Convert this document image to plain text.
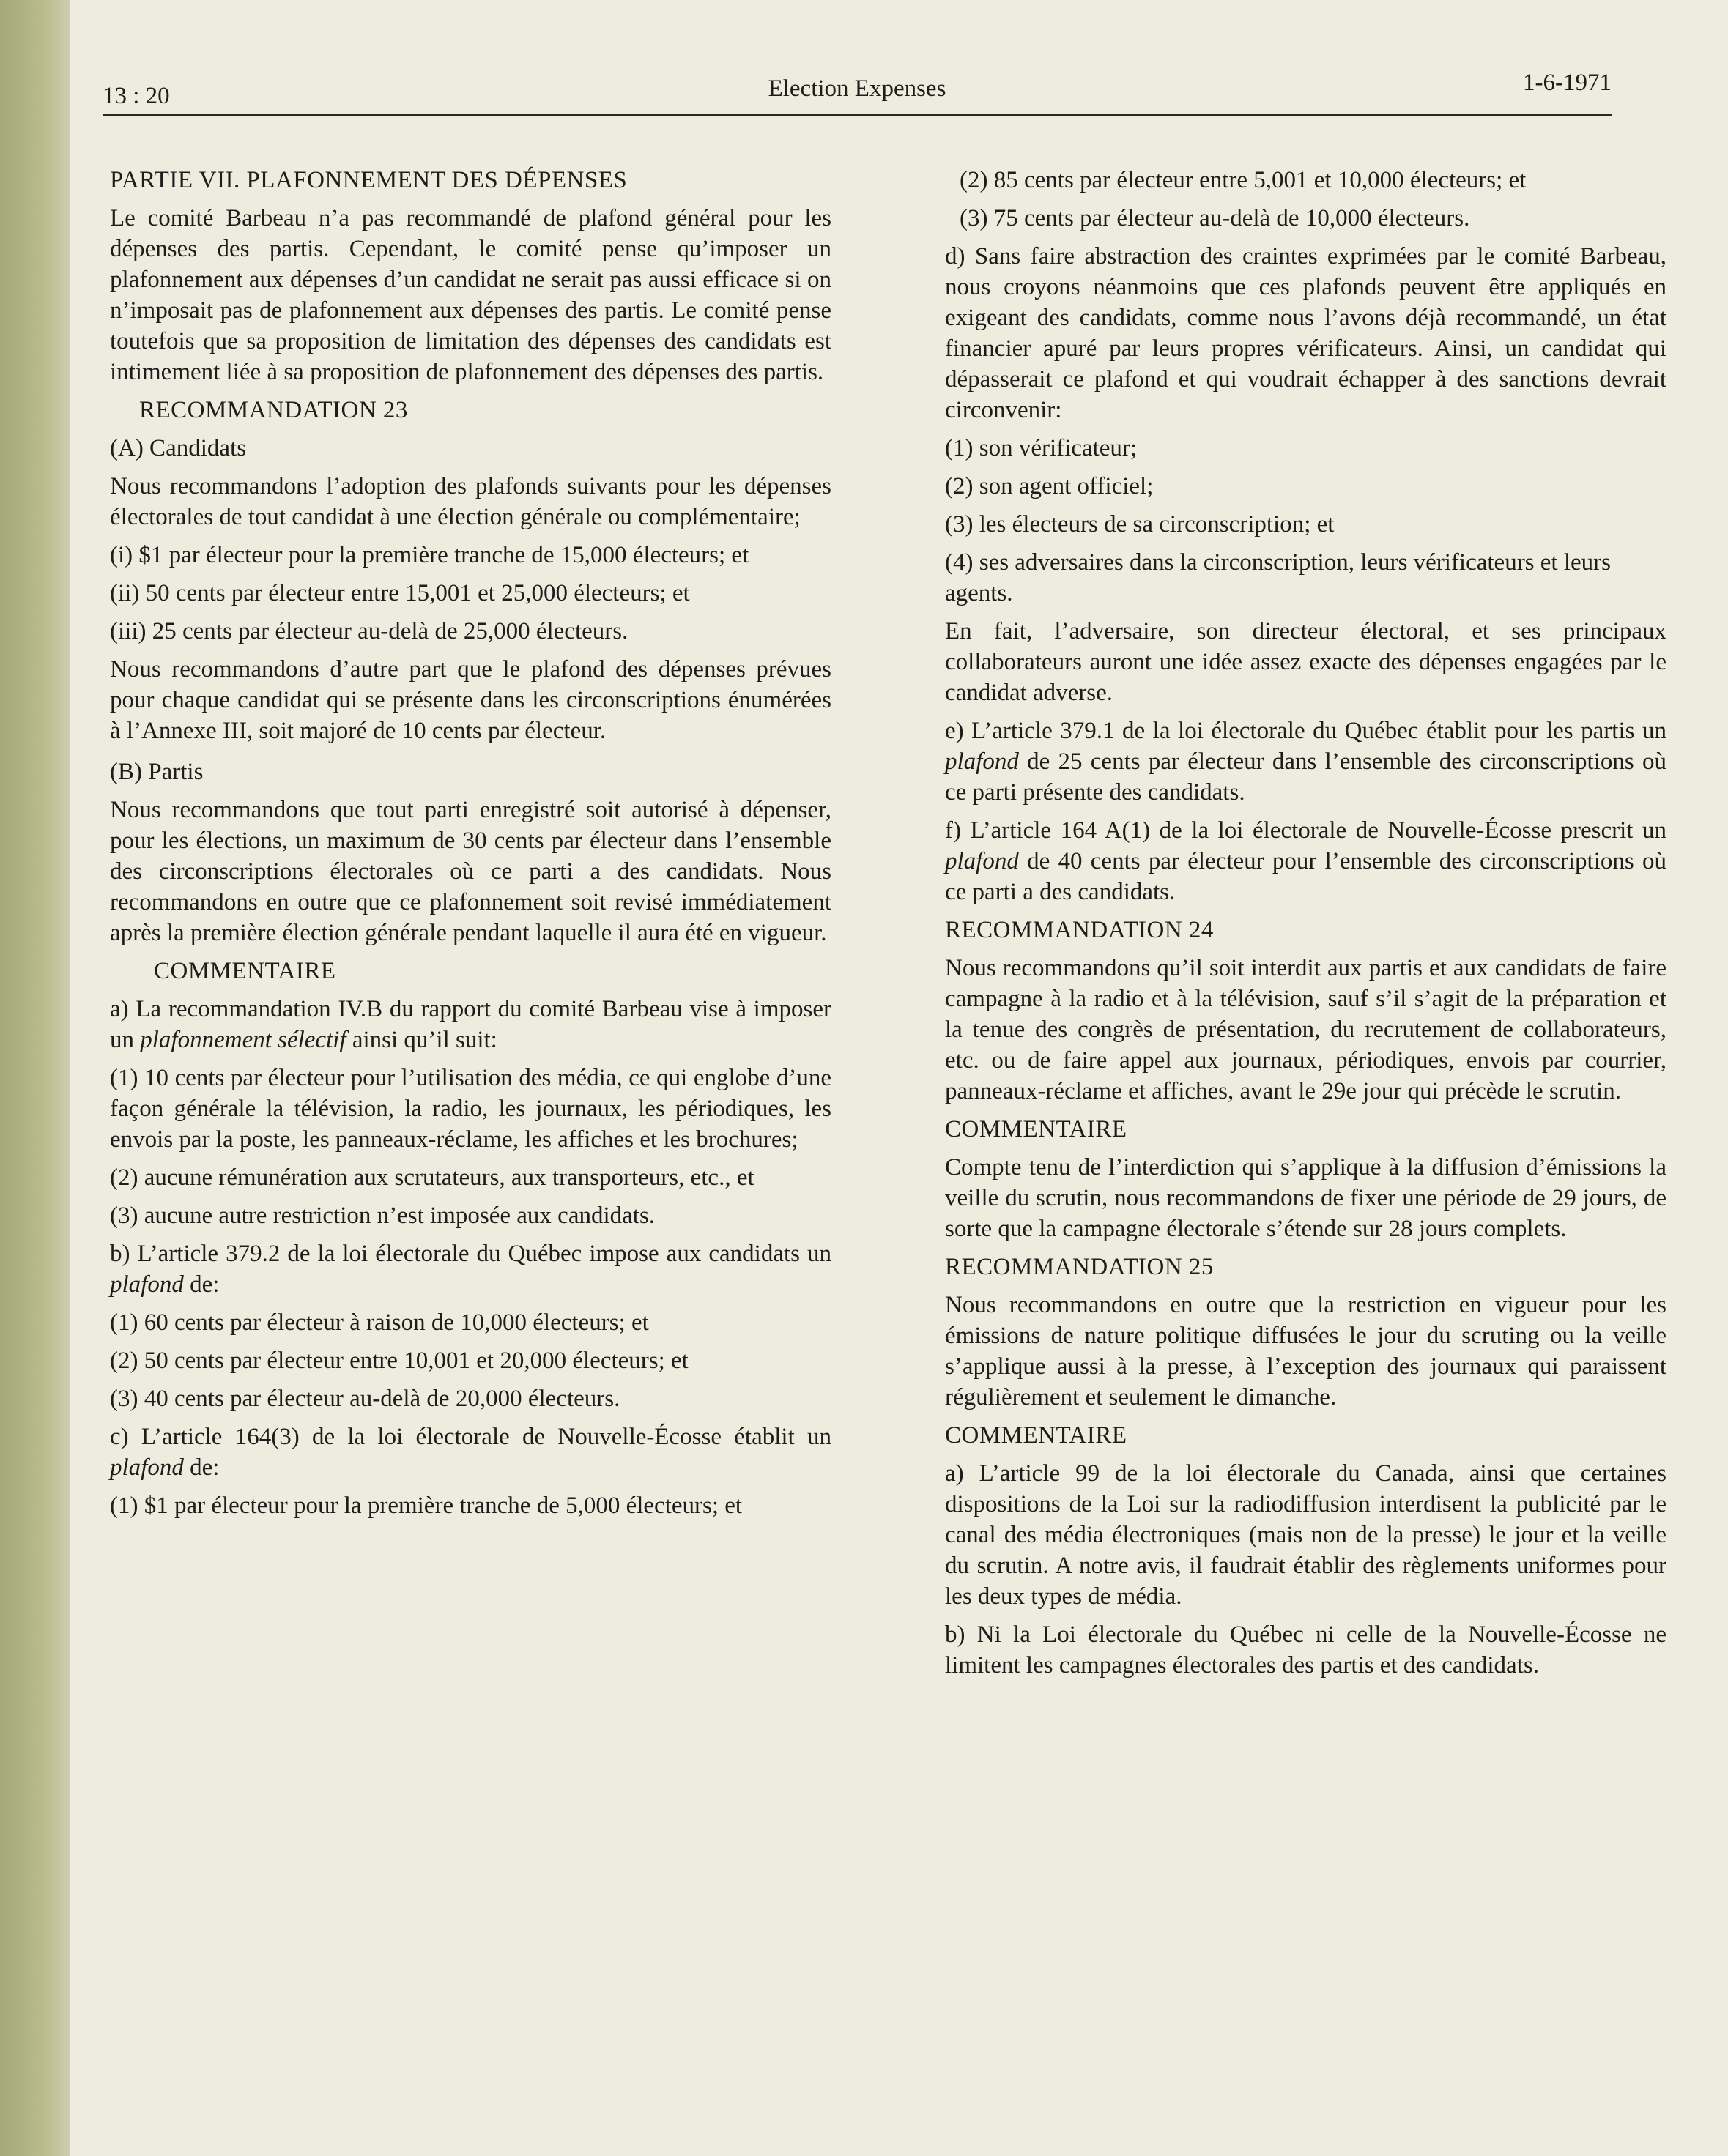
13 : 20	Election Expenses	1-6-1971

PARTIE VII. PLAFONNEMENT DES DÉPENSES

Le comité Barbeau n’a pas recommandé de plafond général pour les dépenses des partis. Cependant, le comité pense qu’imposer un plafonnement aux dépenses d’un candidat ne serait pas aussi efficace si on n’imposait pas de plafonnement aux dépenses des partis. Le comité pense toutefois que sa proposition de limitation des dépenses des candidats est intimement liée à sa proposition de plafonnement des dépenses des partis.

RECOMMANDATION 23

(A) Candidats

Nous recommandons l’adoption des plafonds suivants pour les dépenses électorales de tout candidat à une élection générale ou complémentaire;

(i) $1 par électeur pour la première tranche de 15,000 électeurs; et

(ii) 50 cents par électeur entre 15,001 et 25,000 électeurs; et

(iii) 25 cents par électeur au-delà de 25,000 électeurs.

Nous recommandons d’autre part que le plafond des dépenses prévues pour chaque candidat qui se présente dans les circonscriptions énumérées à l’Annexe III, soit majoré de 10 cents par électeur.

(B) Partis

Nous recommandons que tout parti enregistré soit autorisé à dépenser, pour les élections, un maximum de 30 cents par électeur dans l’ensemble des circonscriptions électorales où ce parti a des candidats. Nous recommandons en outre que ce plafonnement soit revisé immédiatement après la première élection générale pendant laquelle il aura été en vigueur.

COMMENTAIRE

a) La recommandation IV.B du rapport du comité Barbeau vise à imposer un plafonnement sélectif ainsi qu’il suit:

(1) 10 cents par électeur pour l’utilisation des média, ce qui englobe d’une façon générale la télévision, la radio, les journaux, les périodiques, les envois par la poste, les panneaux-réclame, les affiches et les brochures;

(2) aucune rémunération aux scrutateurs, aux transporteurs, etc., et

(3) aucune autre restriction n’est imposée aux candidats.

b) L’article 379.2 de la loi électorale du Québec impose aux candidats un plafond de:

(1) 60 cents par électeur à raison de 10,000 électeurs; et

(2) 50 cents par électeur entre 10,001 et 20,000 électeurs; et

(3) 40 cents par électeur au-delà de 20,000 électeurs.

c) L’article 164(3) de la loi électorale de Nouvelle-Écosse établit un plafond de:

(1) $1 par électeur pour la première tranche de 5,000 électeurs; et

(2) 85 cents par électeur entre 5,001 et 10,000 électeurs; et

(3) 75 cents par électeur au-delà de 10,000 électeurs.

d) Sans faire abstraction des craintes exprimées par le comité Barbeau, nous croyons néanmoins que ces plafonds peuvent être appliqués en exigeant des candidats, comme nous l’avons déjà recommandé, un état financier apuré par leurs propres vérificateurs. Ainsi, un candidat qui dépasserait ce plafond et qui voudrait échapper à des sanctions devrait circonvenir:

(1) son vérificateur;

(2) son agent officiel;

(3) les électeurs de sa circonscription; et

(4) ses adversaires dans la circonscription, leurs vérificateurs et leurs agents.

En fait, l’adversaire, son directeur électoral, et ses principaux collaborateurs auront une idée assez exacte des dépenses engagées par le candidat adverse.

e) L’article 379.1 de la loi électorale du Québec établit pour les partis un plafond de 25 cents par électeur dans l’ensemble des circonscriptions où ce parti présente des candidats.

f) L’article 164 A(1) de la loi électorale de Nouvelle-Écosse prescrit un plafond de 40 cents par électeur pour l’ensemble des circonscriptions où ce parti a des candidats.

RECOMMANDATION 24

Nous recommandons qu’il soit interdit aux partis et aux candidats de faire campagne à la radio et à la télévision, sauf s’il s’agit de la préparation et la tenue des congrès de présentation, du recrutement de collaborateurs, etc. ou de faire appel aux journaux, périodiques, envois par courrier, panneaux-réclame et affiches, avant le 29e jour qui précède le scrutin.

COMMENTAIRE

Compte tenu de l’interdiction qui s’applique à la diffusion d’émissions la veille du scrutin, nous recommandons de fixer une période de 29 jours, de sorte que la campagne électorale s’étende sur 28 jours complets.

RECOMMANDATION 25

Nous recommandons en outre que la restriction en vigueur pour les émissions de nature politique diffusées le jour du scruting ou la veille s’applique aussi à la presse, à l’exception des journaux qui paraissent régulièrement et seulement le dimanche.

COMMENTAIRE

a) L’article 99 de la loi électorale du Canada, ainsi que certaines dispositions de la Loi sur la radiodiffusion interdisent la publicité par le canal des média électroniques (mais non de la presse) le jour et la veille du scrutin. A notre avis, il faudrait établir des règlements uniformes pour les deux types de média.

b) Ni la Loi électorale du Québec ni celle de la Nouvelle-Écosse ne limitent les campagnes électorales des partis et des candidats.
